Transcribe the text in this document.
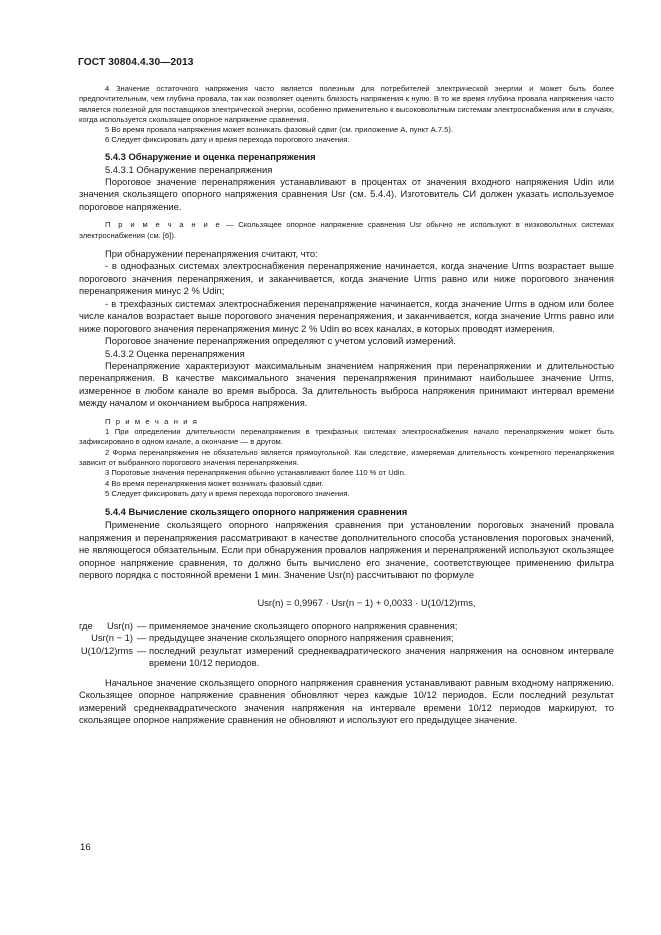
ГОСТ 30804.4.30—2013

4 Значение остаточного напряжения часто является полезным для потребителей электрической энергии и может быть более предпочтительным, чем глубина провала, так как позволяет оценить близость напряжения к нулю. В то же время глубина провала напряжения часто является полезной для поставщиков электрической энергии, особенно применительно к высоковольтным системам электроснабжения или в случаях, когда используется скользящее опорное напряжение сравнения.

5 Во время провала напряжения может возникать фазовый сдвиг (см. приложение А, пункт А.7.5).

6 Следует фиксировать дату и время перехода порогового значения.

5.4.3 Обнаружение и оценка перенапряжения
5.4.3.1 Обнаружение перенапряжения

Пороговое значение перенапряжения устанавливают в процентах от значения входного напряжения Udin или значения скользящего опорного напряжения сравнения Usr (см. 5.4.4). Изготовитель СИ должен указать используемое пороговое напряжение.

П р и м е ч а н и е — Скользящее опорное напряжение сравнения Usr обычно не используют в низковольтных системах электроснабжения (см. [6]).

При обнаружении перенапряжения считают, что:

- в однофазных системах электроснабжения перенапряжение начинается, когда значение Urms возрастает выше порогового значения перенапряжения, и заканчивается, когда значение Urms равно или ниже порогового значения перенапряжения минус 2 % Udin;

- в трехфазных системах электроснабжения перенапряжение начинается, когда значение Urms в одном или более числе каналов возрастает выше порогового значения перенапряжения, и заканчивается, когда значение Urms равно или ниже порогового значения перенапряжения минус 2 % Udin во всех каналах, в которых проводят измерения.

Пороговое значение перенапряжения определяют с учетом условий измерений.

5.4.3.2 Оценка перенапряжения

Перенапряжение характеризуют максимальным значением напряжения при перенапряжении и длительностью перенапряжения. В качестве максимального значения перенапряжения принимают наибольшее значение Urms, измеренное в любом канале во время выброса. За длительность выброса напряжения принимают интервал времени между началом и окончанием выброса напряжения.

П р и м е ч а н и я

1 При определении длительности перенапряжения в трехфазных системах электроснабжения начало перенапряжения может быть зафиксировано в одном канале, а окончание — в другом.

2 Форма перенапряжения не обязательно является прямоугольной. Как следствие, измеряемая длительность конкретного перенапряжения зависит от выбранного порогового значения перенапряжения.

3 Пороговые значения перенапряжения обычно устанавливают более 110 % от Udin.

4 Во время перенапряжения может возникать фазовый сдвиг.

5 Следует фиксировать дату и время перехода порогового значения.

5.4.4 Вычисление скользящего опорного напряжения сравнения

Применение скользящего опорного напряжения сравнения при установлении пороговых значений провала напряжения и перенапряжения рассматривают в качестве дополнительного способа установления пороговых значений, не являющегося обязательным. Если при обнаружения провалов напряжения и перенапряжений используют скользящее опорное напряжение сравнения, то должно быть вычислено его значение, соответствующее применению фильтра первого порядка с постоянной времени 1 мин. Значение Usr(n) рассчитывают по формуле

Usr(n) = 0,9967 · Usr(n − 1) + 0,0033 · U(10/12)rms,
где Usr(n) — применяемое значение скользящего опорного напряжения сравнения;
Usr(n − 1) — предыдущее значение скользящего опорного напряжения сравнения;
U(10/12)rms — последний результат измерений среднеквадратического значения напряжения на основном интервале времени 10/12 периодов.

Начальное значение скользящего опорного напряжения сравнения устанавливают равным входному напряжению. Скользящее опорное напряжение сравнения обновляют через каждые 10/12 периодов. Если последний результат измерений среднеквадратического значения напряжения на интервале времени 10/12 периодов маркируют, то скользящее опорное напряжение сравнения не обновляют и используют его предыдущее значение.

16
